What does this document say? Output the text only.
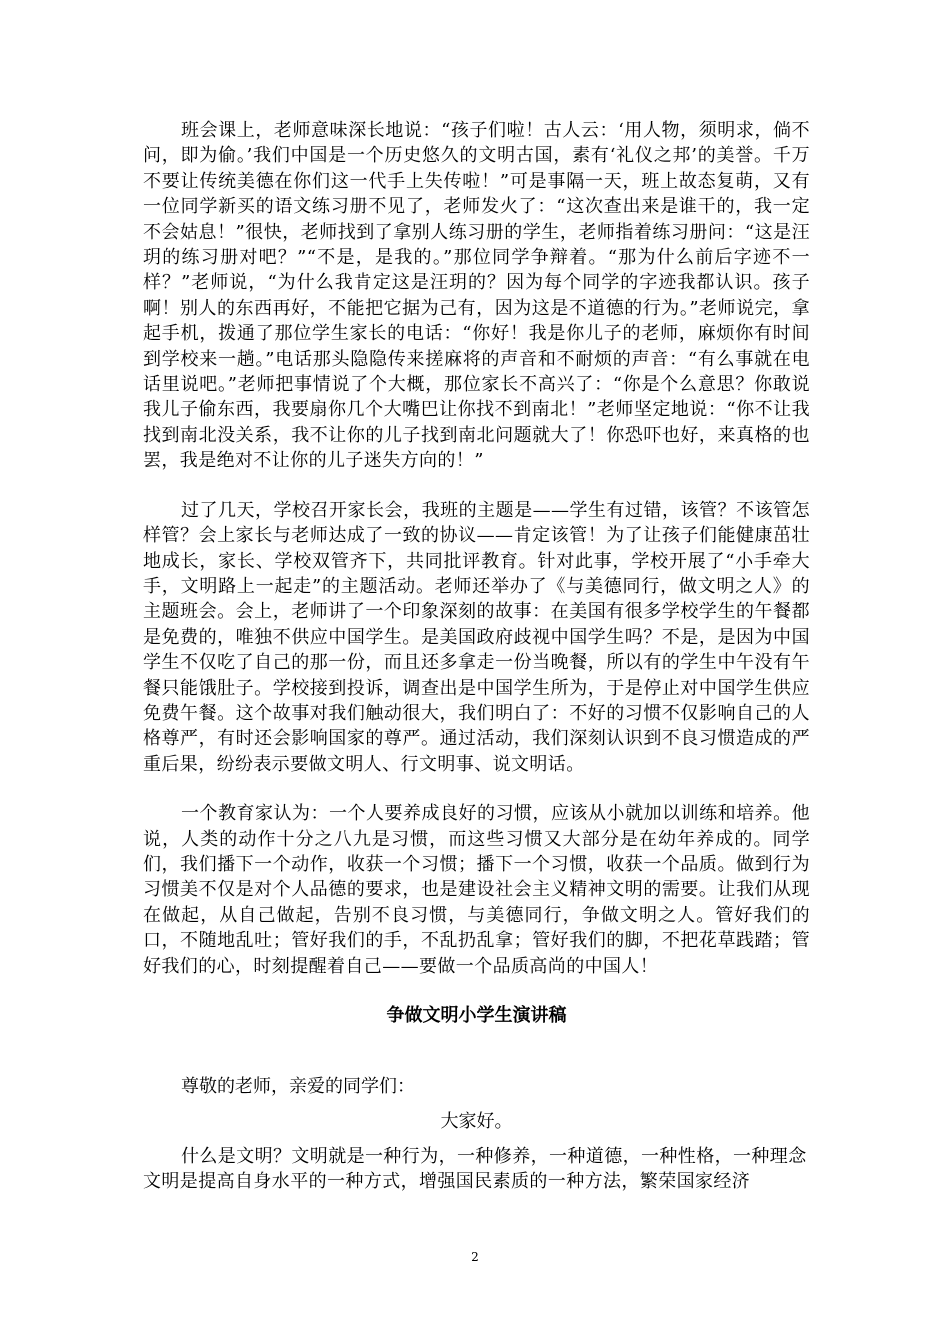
班会课上，老师意味深长地说：“孩子们啦！古人云：‘用人物，须明求，倘不问，即为偷。’我们中国是一个历史悠久的文明古国，素有‘礼仪之邦’的美誉。千万不要让传统美德在你们这一代手上失传啦！”可是事隔一天，班上故态复萌，又有一位同学新买的语文练习册不见了，老师发火了：“这次查出来是谁干的，我一定不会姑息！”很快，老师找到了拿别人练习册的学生，老师指着练习册问：“这是汪玥的练习册对吧？”“不是，是我的。”那位同学争辩着。“那为什么前后字迹不一样？”老师说，“为什么我肯定这是汪玥的？因为每个同学的字迹我都认识。孩子啊！别人的东西再好，不能把它据为己有，因为这是不道德的行为。”老师说完，拿起手机，拨通了那位学生家长的电话：“你好！我是你儿子的老师，麻烦你有时间到学校来一趟。”电话那头隐隐传来搓麻将的声音和不耐烦的声音：“有么事就在电话里说吧。”老师把事情说了个大概，那位家长不高兴了：“你是个么意思？你敢说我儿子偷东西，我要扇你几个大嘴巴让你找不到南北！”老师坚定地说：“你不让我找到南北没关系，我不让你的儿子找到南北问题就大了！你恐吓也好，来真格的也罢，我是绝对不让你的儿子迷失方向的！”

过了几天，学校召开家长会，我班的主题是——学生有过错，该管？不该管怎样管？会上家长与老师达成了一致的协议——肯定该管！为了让孩子们能健康茁壮地成长，家长、学校双管齐下，共同批评教育。针对此事，学校开展了“小手牵大手，文明路上一起走”的主题活动。老师还举办了《与美德同行，做文明之人》的主题班会。会上，老师讲了一个印象深刻的故事：在美国有很多学校学生的午餐都是免费的，唯独不供应中国学生。是美国政府歧视中国学生吗？不是，是因为中国学生不仅吃了自己的那一份，而且还多拿走一份当晚餐，所以有的学生中午没有午餐只能饿肚子。学校接到投诉，调查出是中国学生所为，于是停止对中国学生供应免费午餐。这个故事对我们触动很大，我们明白了：不好的习惯不仅影响自己的人格尊严，有时还会影响国家的尊严。通过活动，我们深刻认识到不良习惯造成的严重后果，纷纷表示要做文明人、行文明事、说文明话。

一个教育家认为：一个人要养成良好的习惯，应该从小就加以训练和培养。他说，人类的动作十分之八九是习惯，而这些习惯又大部分是在幼年养成的。同学们，我们播下一个动作，收获一个习惯；播下一个习惯，收获一个品质。做到行为习惯美不仅是对个人品德的要求，也是建设社会主义精神文明的需要。让我们从现在做起，从自己做起，告别不良习惯，与美德同行，争做文明之人。管好我们的口，不随地乱吐；管好我们的手，不乱扔乱拿；管好我们的脚，不把花草践踏；管好我们的心，时刻提醒着自己——要做一个品质高尚的中国人！

争做文明小学生演讲稿

尊敬的老师，亲爱的同学们：

大家好。

什么是文明？文明就是一种行为，一种修养，一种道德，一种性格，一种理念文明是提高自身水平的一种方式，增强国民素质的一种方法，繁荣国家经济

2
